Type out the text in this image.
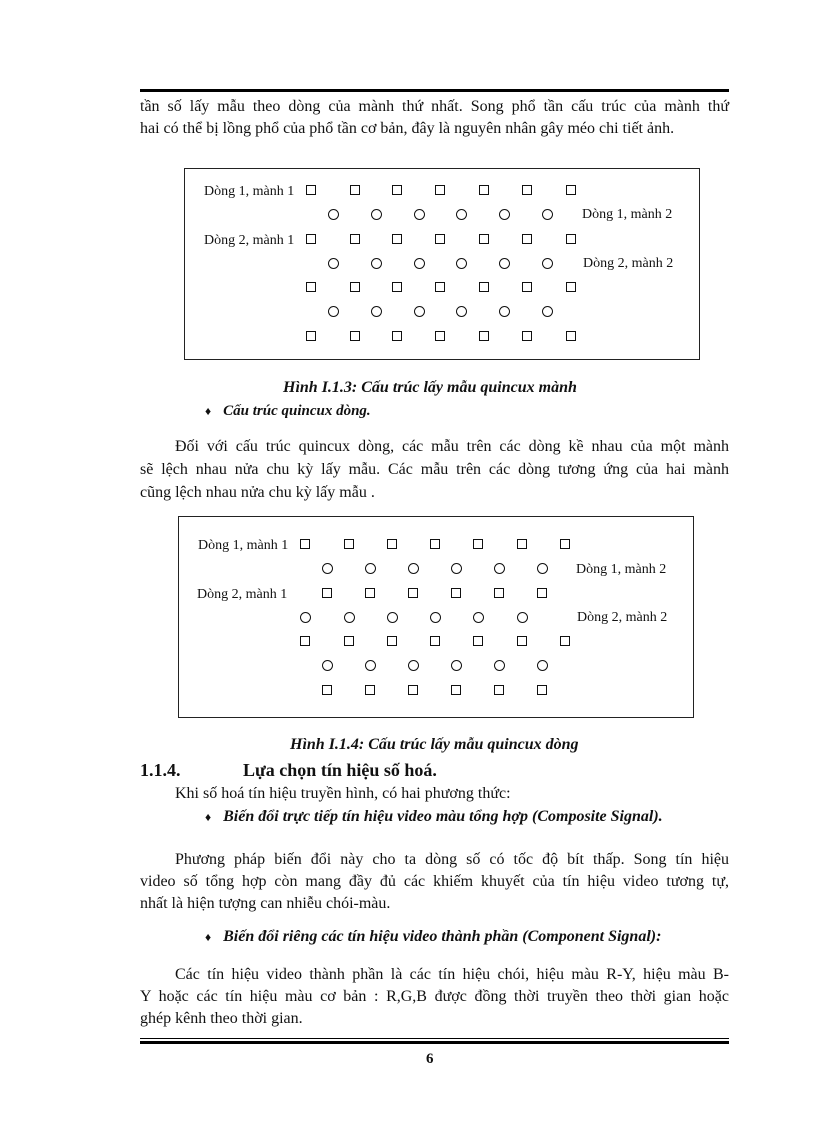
tần số lấy mẫu theo dòng của mành thứ nhất. Song phổ tần cấu trúc của mành thứ

hai có thể bị lồng phổ của phổ tần cơ bản, đây là nguyên nhân gây méo chi tiết ảnh.

Dòng 1, mành 1
Dòng 1, mành 2
Dòng 2, mành 1
Dòng 2, mành 2
Hình I.1.3: Cấu trúc lấy mẫu quincux mành
♦ Cấu trúc quincux dòng.

Đối với cấu trúc quincux dòng, các mẫu trên các dòng kề nhau của một mành

sẽ lệch nhau nửa chu kỳ lấy mẫu. Các mẫu trên các dòng tương ứng của hai mành

cũng lệch nhau nửa chu kỳ lấy mẫu .

Dòng 1, mành 1
Dòng 1, mành 2
Dòng 2, mành 1
Dòng 2, mành 2
Hình I.1.4: Cấu trúc lấy mẫu quincux dòng
1.1.4.	Lựa chọn tín hiệu số hoá.

Khi số hoá tín hiệu truyền hình, có hai phương thức:

♦ Biến đổi trực tiếp tín hiệu video màu tổng hợp (Composite Signal).

Phương pháp biến đổi này cho ta dòng số có tốc độ bít thấp. Song tín hiệu

video số tổng hợp còn mang đầy đủ các khiếm khuyết của tín hiệu video tương tự,

nhất là hiện tượng can nhiễu chói-màu.

♦ Biến đổi riêng các tín hiệu video thành phần (Component Signal):

Các tín hiệu video thành phần là các tín hiệu chói, hiệu màu R-Y, hiệu màu B-

Y hoặc các tín hiệu màu cơ bản : R,G,B được đồng thời truyền theo thời gian hoặc

ghép kênh theo thời gian.

6
